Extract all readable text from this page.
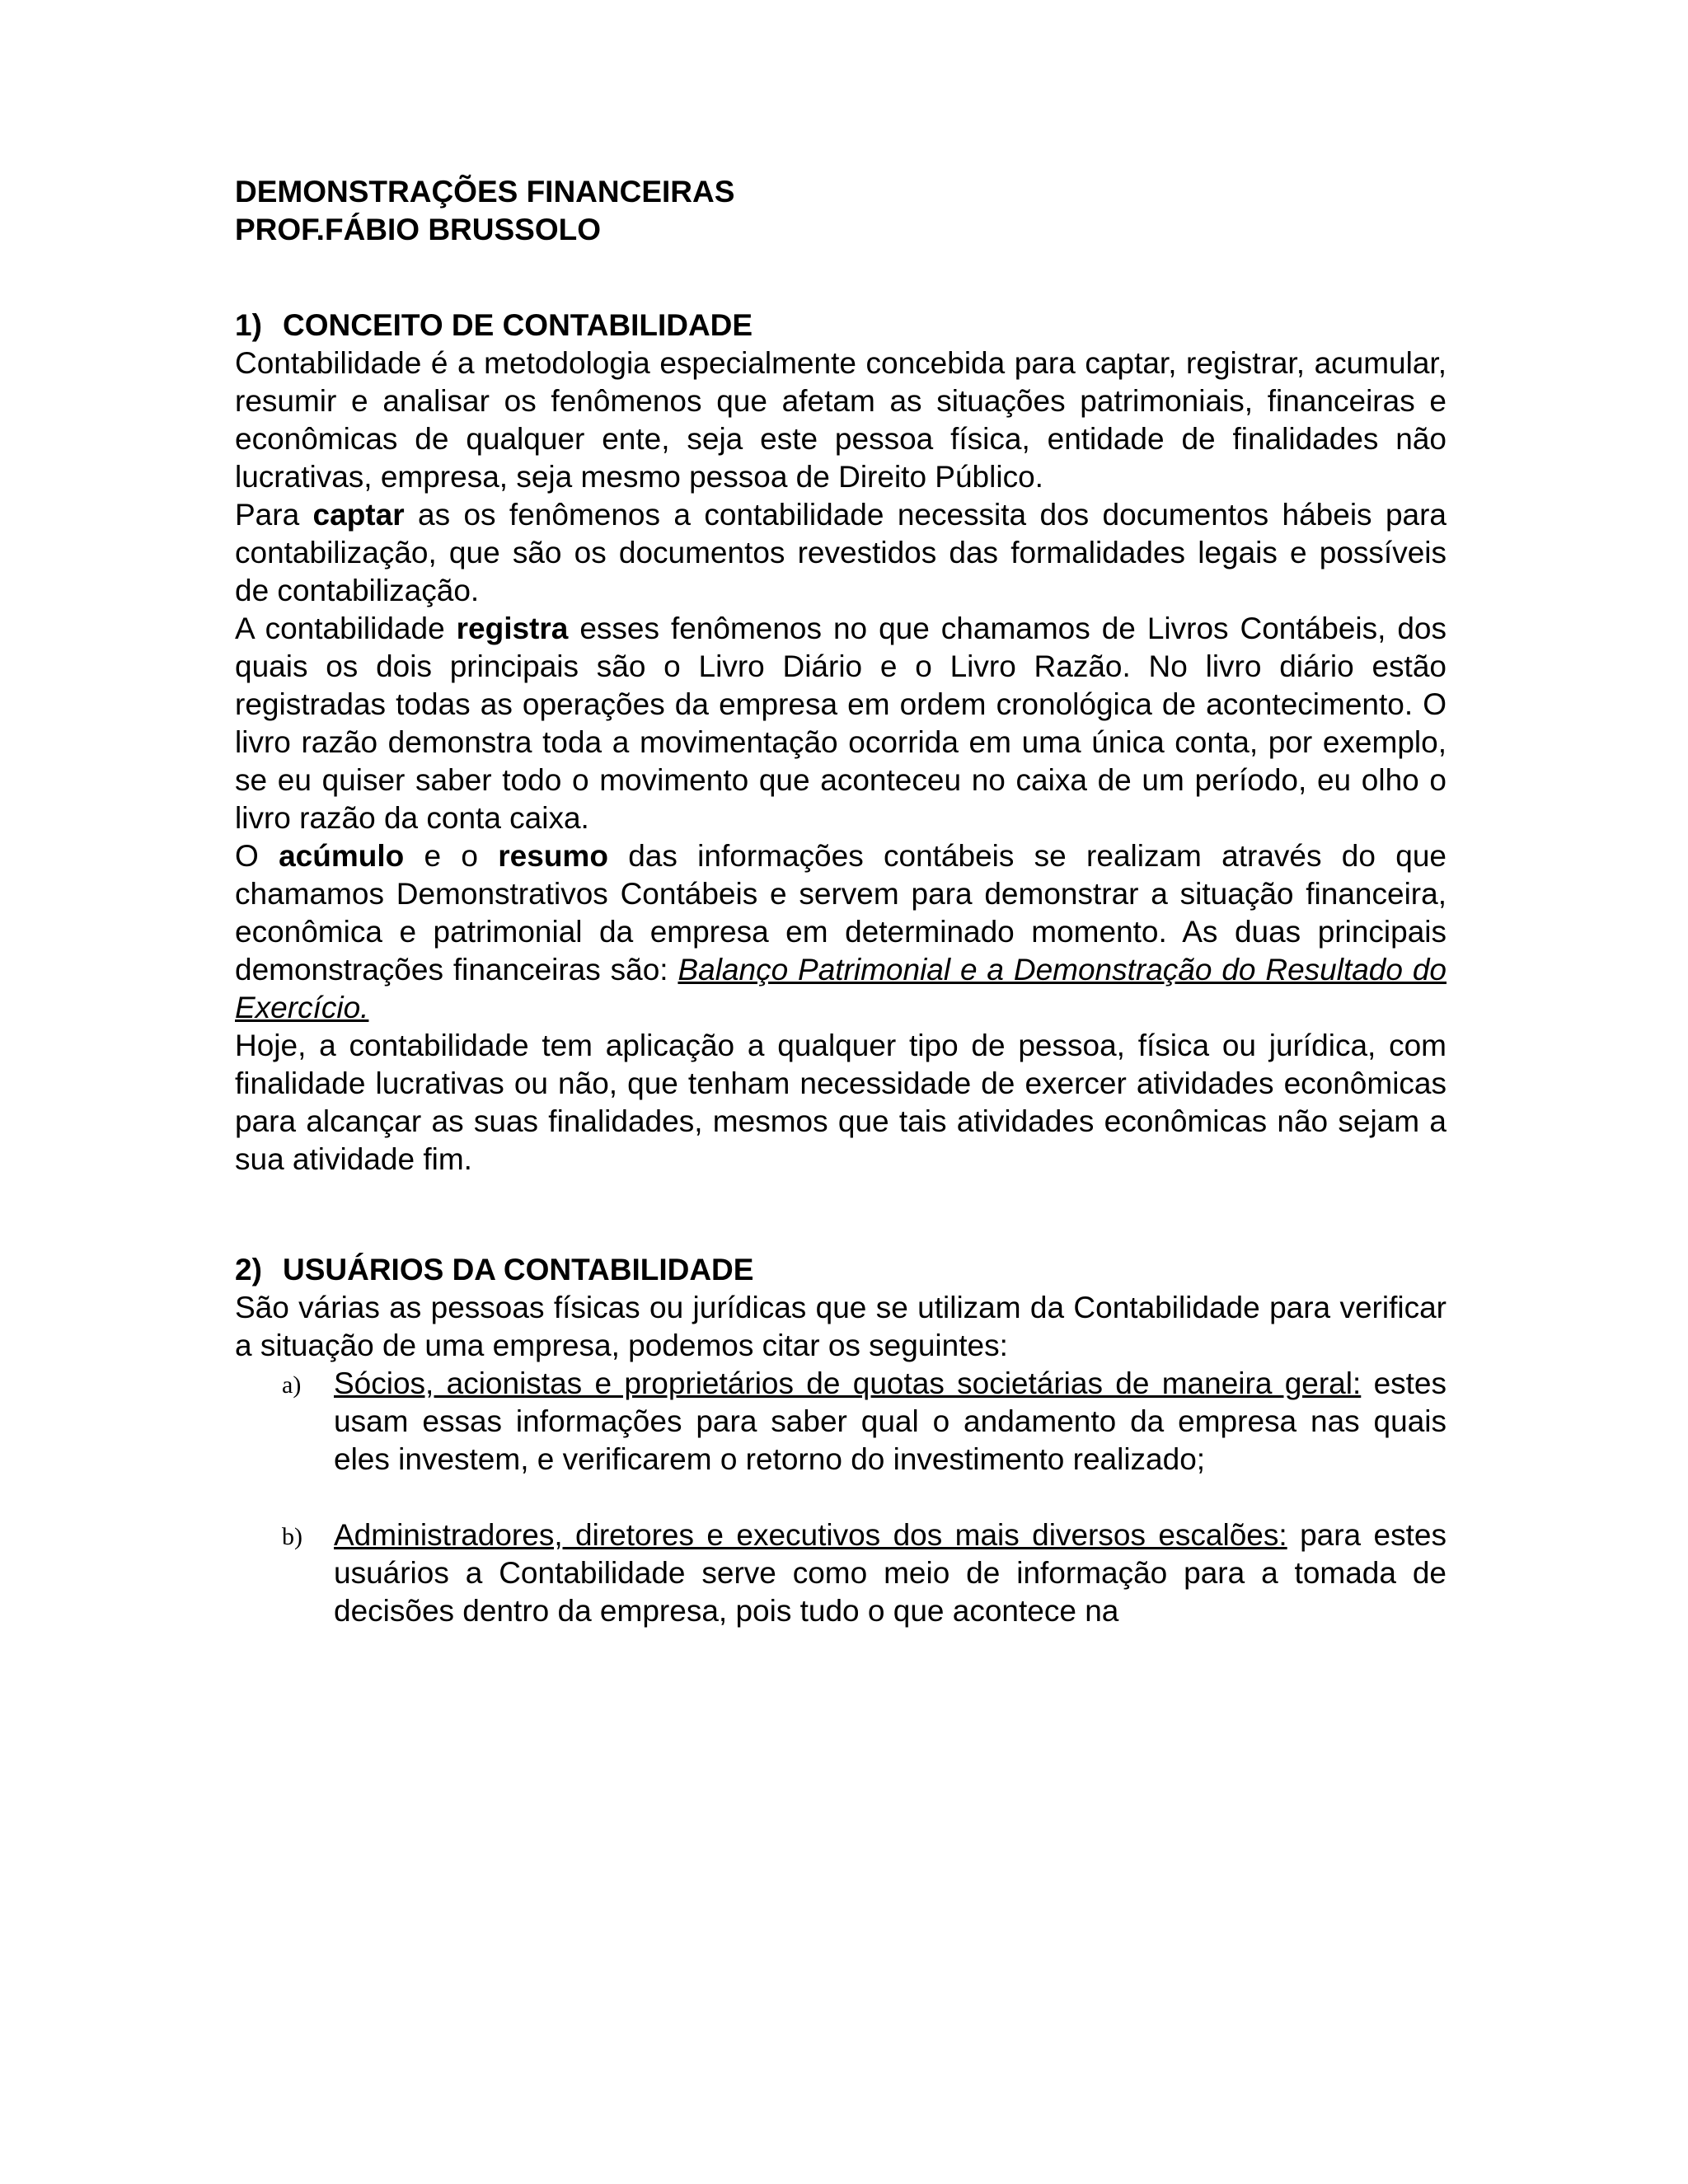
DEMONSTRAÇÕES FINANCEIRAS
PROF.FÁBIO BRUSSOLO
1) CONCEITO DE CONTABILIDADE

Contabilidade é a metodologia especialmente concebida para captar, registrar, acumular, resumir e analisar os fenômenos que afetam as situações patrimoniais, financeiras e econômicas de qualquer ente, seja este pessoa física, entidade de finalidades não lucrativas, empresa, seja mesmo pessoa de Direito Público.

Para captar as os fenômenos a contabilidade necessita dos documentos hábeis para contabilização, que são os documentos revestidos das formalidades legais e possíveis de contabilização.

A contabilidade registra esses fenômenos no que chamamos de Livros Contábeis, dos quais os dois principais são o Livro Diário e o Livro Razão. No livro diário estão registradas todas as operações da empresa em ordem cronológica de acontecimento. O livro razão demonstra toda a movimentação ocorrida em uma única conta, por exemplo, se eu quiser saber todo o movimento que aconteceu no caixa de um período, eu olho o livro razão da conta caixa.

O acúmulo e o resumo das informações contábeis se realizam através do que chamamos Demonstrativos Contábeis e servem para demonstrar a situação financeira, econômica e patrimonial da empresa em determinado momento. As duas principais demonstrações financeiras são: Balanço Patrimonial e a Demonstração do Resultado do Exercício.

Hoje, a contabilidade tem aplicação a qualquer tipo de pessoa, física ou jurídica, com finalidade lucrativas ou não, que tenham necessidade de exercer atividades econômicas para alcançar as suas finalidades, mesmos que tais atividades econômicas não sejam a sua atividade fim.

2) USUÁRIOS DA CONTABILIDADE

São várias as pessoas físicas ou jurídicas que se utilizam da Contabilidade para verificar a situação de uma empresa, podemos citar os seguintes:

a) Sócios, acionistas e proprietários de quotas societárias de maneira geral: estes usam essas informações para saber qual o andamento da empresa nas quais eles investem, e verificarem o retorno do investimento realizado;
b) Administradores, diretores e executivos dos mais diversos escalões: para estes usuários a Contabilidade serve como meio de informação para a tomada de decisões dentro da empresa, pois tudo o que acontece na
